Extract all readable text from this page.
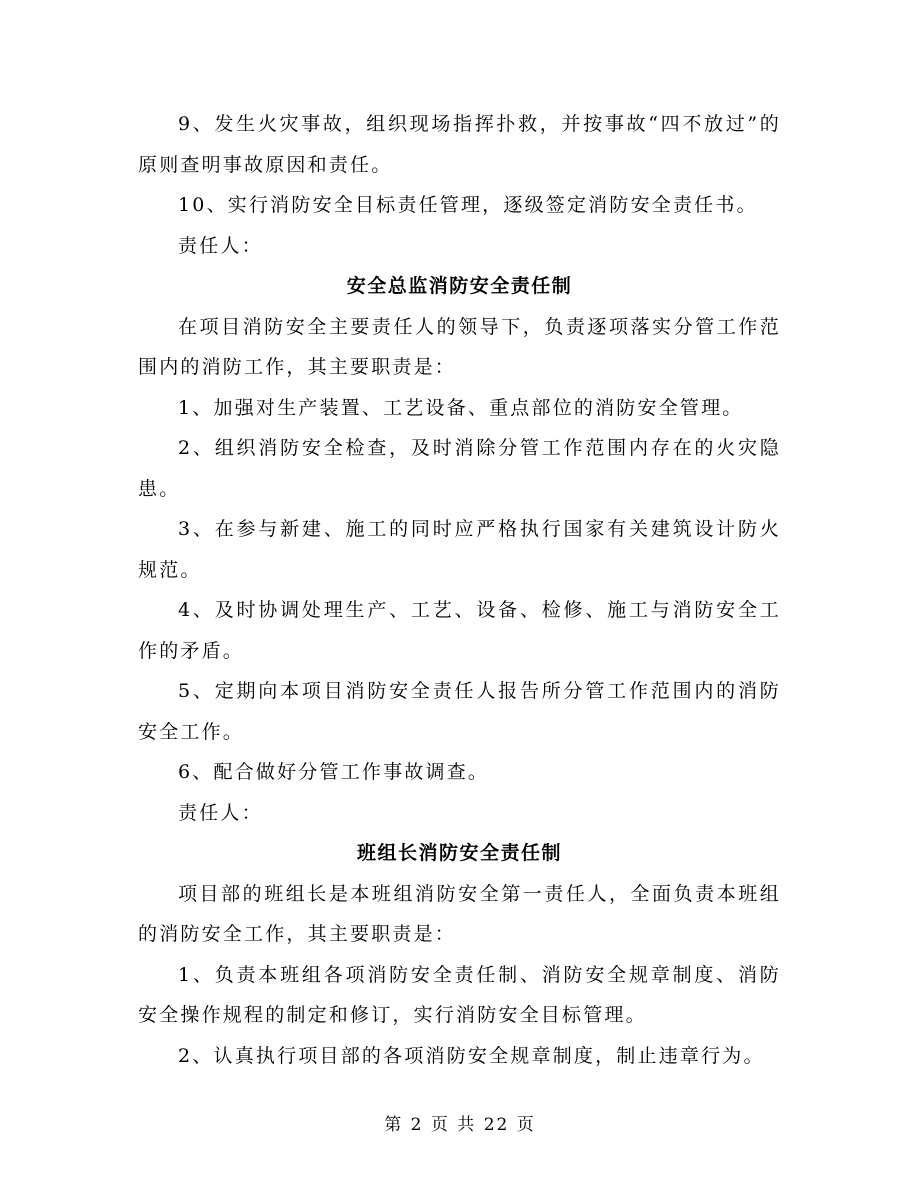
9、发生火灾事故，组织现场指挥扑救，并按事故“四不放过”的原则查明事故原因和责任。

10、实行消防安全目标责任管理，逐级签定消防安全责任书。

责任人：

安全总监消防安全责任制

在项目消防安全主要责任人的领导下，负责逐项落实分管工作范围内的消防工作，其主要职责是：

1、加强对生产装置、工艺设备、重点部位的消防安全管理。

2、组织消防安全检查，及时消除分管工作范围内存在的火灾隐患。

3、在参与新建、施工的同时应严格执行国家有关建筑设计防火规范。

4、及时协调处理生产、工艺、设备、检修、施工与消防安全工作的矛盾。

5、定期向本项目消防安全责任人报告所分管工作范围内的消防安全工作。

6、配合做好分管工作事故调查。

责任人：

班组长消防安全责任制

项目部的班组长是本班组消防安全第一责任人，全面负责本班组的消防安全工作，其主要职责是：

1、负责本班组各项消防安全责任制、消防安全规章制度、消防安全操作规程的制定和修订，实行消防安全目标管理。

2、认真执行项目部的各项消防安全规章制度，制止违章行为。

第 2 页 共 22 页
